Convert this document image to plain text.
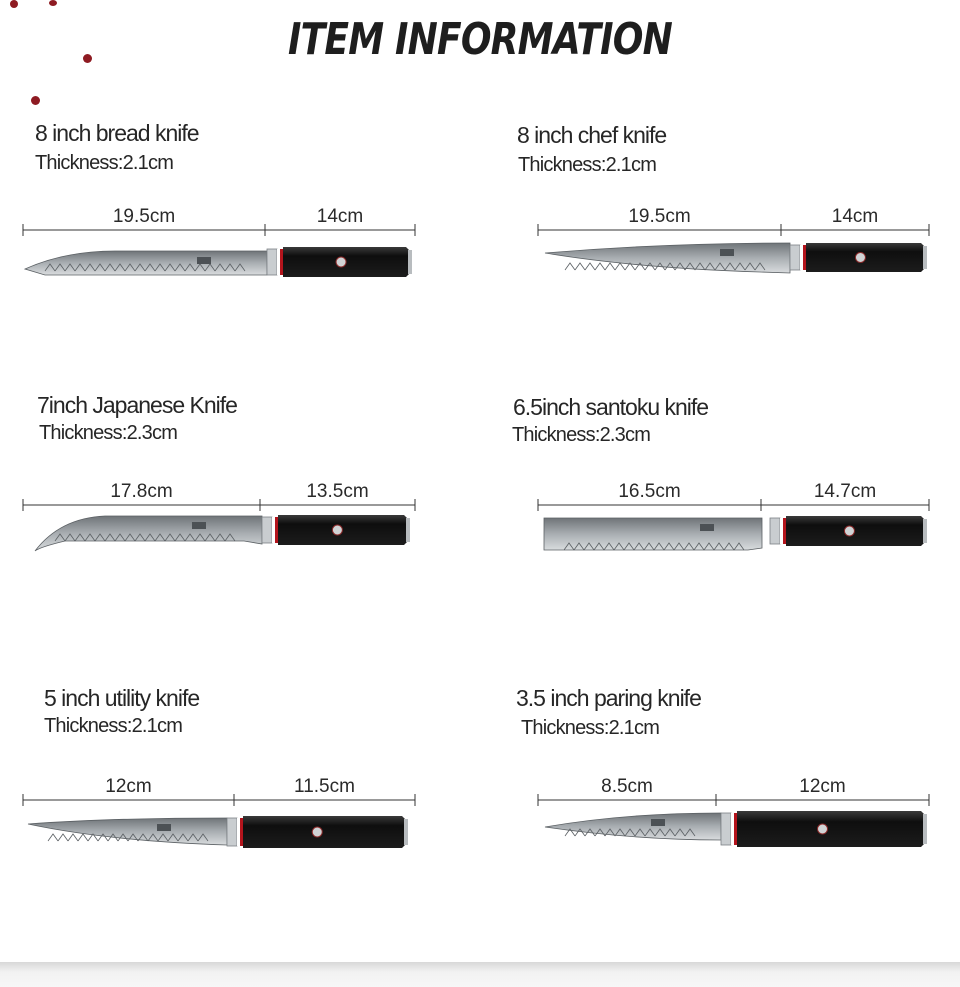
ITEM INFORMATION
8 inch bread knife
Thickness:2.1cm
19.5cm	14cm
8 inch chef knife
Thickness:2.1cm
19.5cm	14cm
7inch Japanese Knife
Thickness:2.3cm
17.8cm	13.5cm
6.5inch santoku knife
Thickness:2.3cm
16.5cm	14.7cm
5 inch utility knife
Thickness:2.1cm
12cm	11.5cm
3.5 inch paring knife
Thickness:2.1cm
8.5cm	12cm
